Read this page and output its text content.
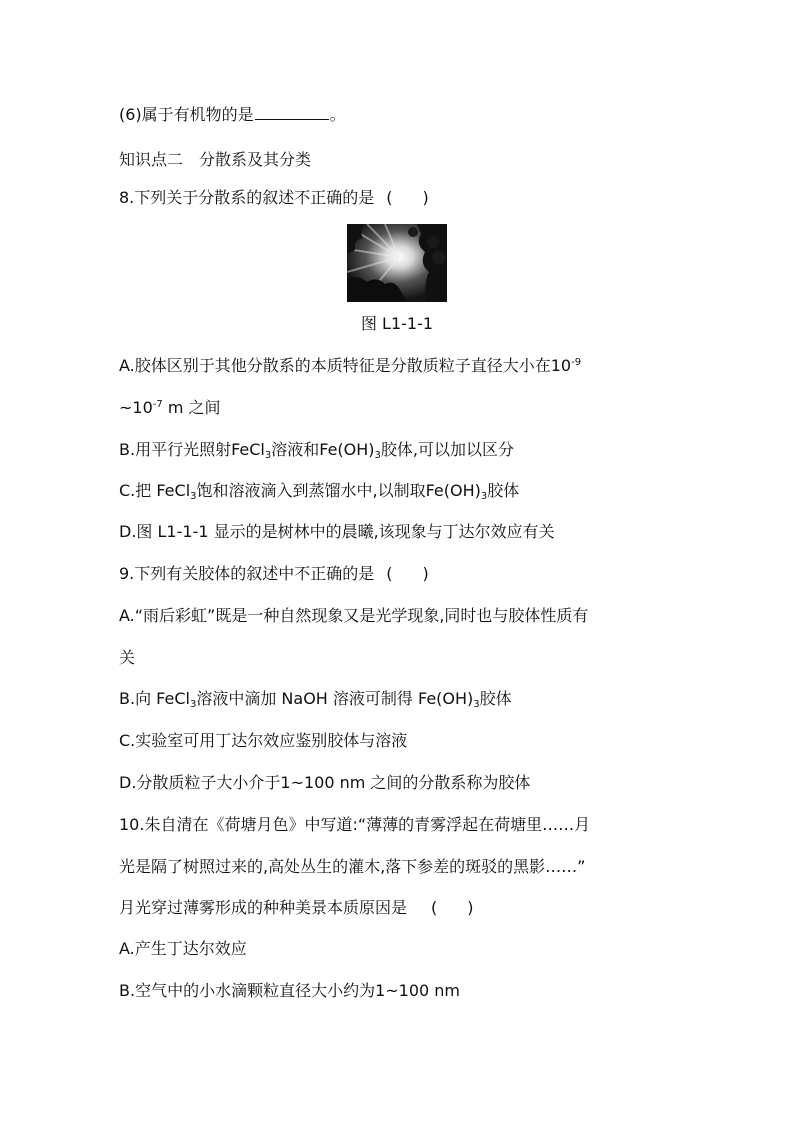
(6)属于有机物的是	。
知识点二　分散系及其分类
8.下列关于分散系的叙述不正确的是 ( )
图 L1-1-1
A.胶体区别于其他分散系的本质特征是分散质粒子直径大小在$10^{-9}$
$\sim 10^{-7}$ m 之间
B.用平行光照射FeCl$_3$溶液和$Fe(OH)_3$胶体,可以加以区分
C.把 FeCl$_3$饱和溶液滴入到蒸馏水中,以制取$Fe(OH)_3$胶体
D.图 L1-1-1 显示的是树林中的晨曦,该现象与丁达尔效应有关
9.下列有关胶体的叙述中不正确的是 ( )
A.“雨后彩虹”既是一种自然现象又是光学现象,同时也与胶体性质有
关
B.向 FeCl$_3$溶液中滴加 NaOH 溶液可制得 $Fe(OH)_3$胶体
C.实验室可用丁达尔效应鉴别胶体与溶液
D.分散质粒子大小介于1~100 nm 之间的分散系称为胶体
10.朱自清在《荷塘月色》中写道:“薄薄的青雾浮起在荷塘里……月
光是隔了树照过来的,高处丛生的灌木,落下参差的斑驳的黑影……”
月光穿过薄雾形成的种种美景本质原因是 ( )
A.产生丁达尔效应
B.空气中的小水滴颗粒直径大小约为1~100 nm
